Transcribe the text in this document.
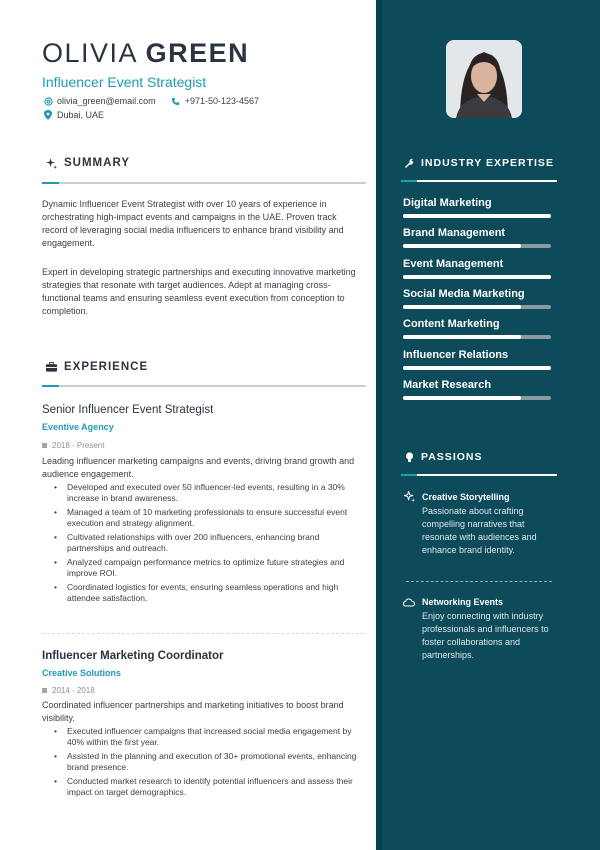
OLIVIA GREEN
Influencer Event Strategist
olivia_green@email.com	+971-50-123-4567
Dubai, UAE
SUMMARY
Dynamic Influencer Event Strategist with over 10 years of experience in orchestrating high-impact events and campaigns in the UAE. Proven track record of leveraging social media influencers to enhance brand visibility and engagement.
Expert in developing strategic partnerships and executing innovative marketing strategies that resonate with target audiences. Adept at managing cross-functional teams and ensuring seamless event execution from conception to completion.
EXPERIENCE
Senior Influencer Event Strategist
Eventive Agency
2018 - Present
Leading influencer marketing campaigns and events, driving brand growth and audience engagement.
• Developed and executed over 50 influencer-led events, resulting in a 30% increase in brand awareness.
• Managed a team of 10 marketing professionals to ensure successful event execution and strategy alignment.
• Cultivated relationships with over 200 influencers, enhancing brand partnerships and outreach.
• Analyzed campaign performance metrics to optimize future strategies and improve ROI.
• Coordinated logistics for events, ensuring seamless operations and high attendee satisfaction.
Influencer Marketing Coordinator
Creative Solutions
2014 - 2018
Coordinated influencer partnerships and marketing initiatives to boost brand visibility.
• Executed influencer campaigns that increased social media engagement by 40% within the first year.
• Assisted in the planning and execution of 30+ promotional events, enhancing brand presence.
• Conducted market research to identify potential influencers and assess their impact on target demographics.
INDUSTRY EXPERTISE
Digital Marketing
Brand Management
Event Management
Social Media Marketing
Content Marketing
Influencer Relations
Market Research
PASSIONS
Creative Storytelling
Passionate about crafting compelling narratives that resonate with audiences and enhance brand identity.
Networking Events
Enjoy connecting with industry professionals and influencers to foster collaborations and partnerships.
